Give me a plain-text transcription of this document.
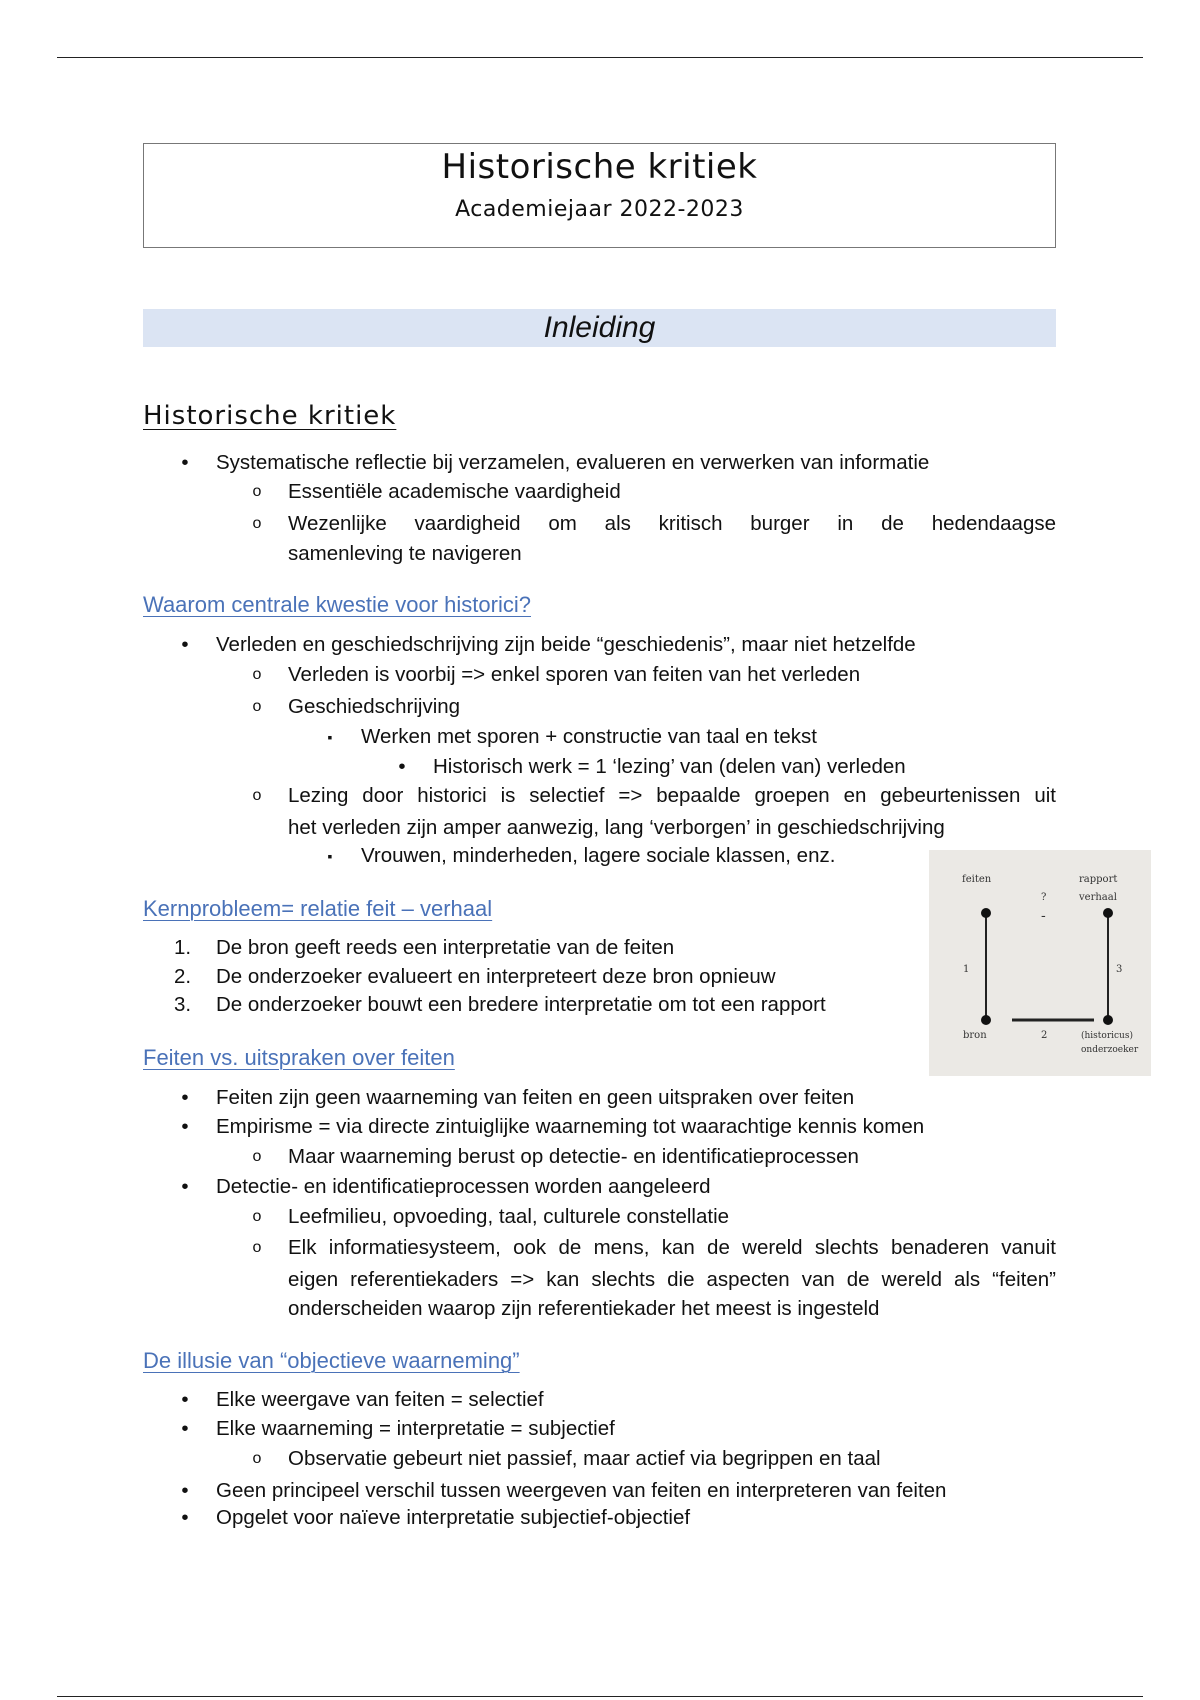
Historische kritiek
Academiejaar 2022-2023
Inleiding
Historische kritiek
•	Systematische reflectie bij verzamelen, evalueren en verwerken van informatie
o	Essentiële academische vaardigheid
o	Wezenlijke vaardigheid om als kritisch burger in de hedendaagse
samenleving te navigeren
Waarom centrale kwestie voor historici?
•	Verleden en geschiedschrijving zijn beide “geschiedenis”, maar niet hetzelfde
o	Verleden is voorbij => enkel sporen van feiten van het verleden
o	Geschiedschrijving
▪	Werken met sporen + constructie van taal en tekst
•	Historisch werk = 1 ‘lezing’ van (delen van) verleden
o	Lezing door historici is selectief => bepaalde groepen en gebeurtenissen uit
het verleden zijn amper aanwezig, lang ‘verborgen’ in geschiedschrijving
▪	Vrouwen, minderheden, lagere sociale klassen, enz.
Kernprobleem= relatie feit – verhaal
1. De bron geeft reeds een interpretatie van de feiten
2. De onderzoeker evalueert en interpreteert deze bron opnieuw
3. De onderzoeker bouwt een bredere interpretatie om tot een rapport
feiten	rapport
verhaal
?
-
1	3
2
bron	(historicus)
onderzoeker
Feiten vs. uitspraken over feiten
•	Feiten zijn geen waarneming van feiten en geen uitspraken over feiten
•	Empirisme = via directe zintuiglijke waarneming tot waarachtige kennis komen
o	Maar waarneming berust op detectie- en identificatieprocessen
•	Detectie- en identificatieprocessen worden aangeleerd
o	Leefmilieu, opvoeding, taal, culturele constellatie
o	Elk informatiesysteem, ook de mens, kan de wereld slechts benaderen vanuit
eigen referentiekaders => kan slechts die aspecten van de wereld als “feiten”
onderscheiden waarop zijn referentiekader het meest is ingesteld
De illusie van “objectieve waarneming”
•	Elke weergave van feiten = selectief
•	Elke waarneming = interpretatie = subjectief
o	Observatie gebeurt niet passief, maar actief via begrippen en taal
•	Geen principeel verschil tussen weergeven van feiten en interpreteren van feiten
•	Opgelet voor naïeve interpretatie subjectief-objectief
